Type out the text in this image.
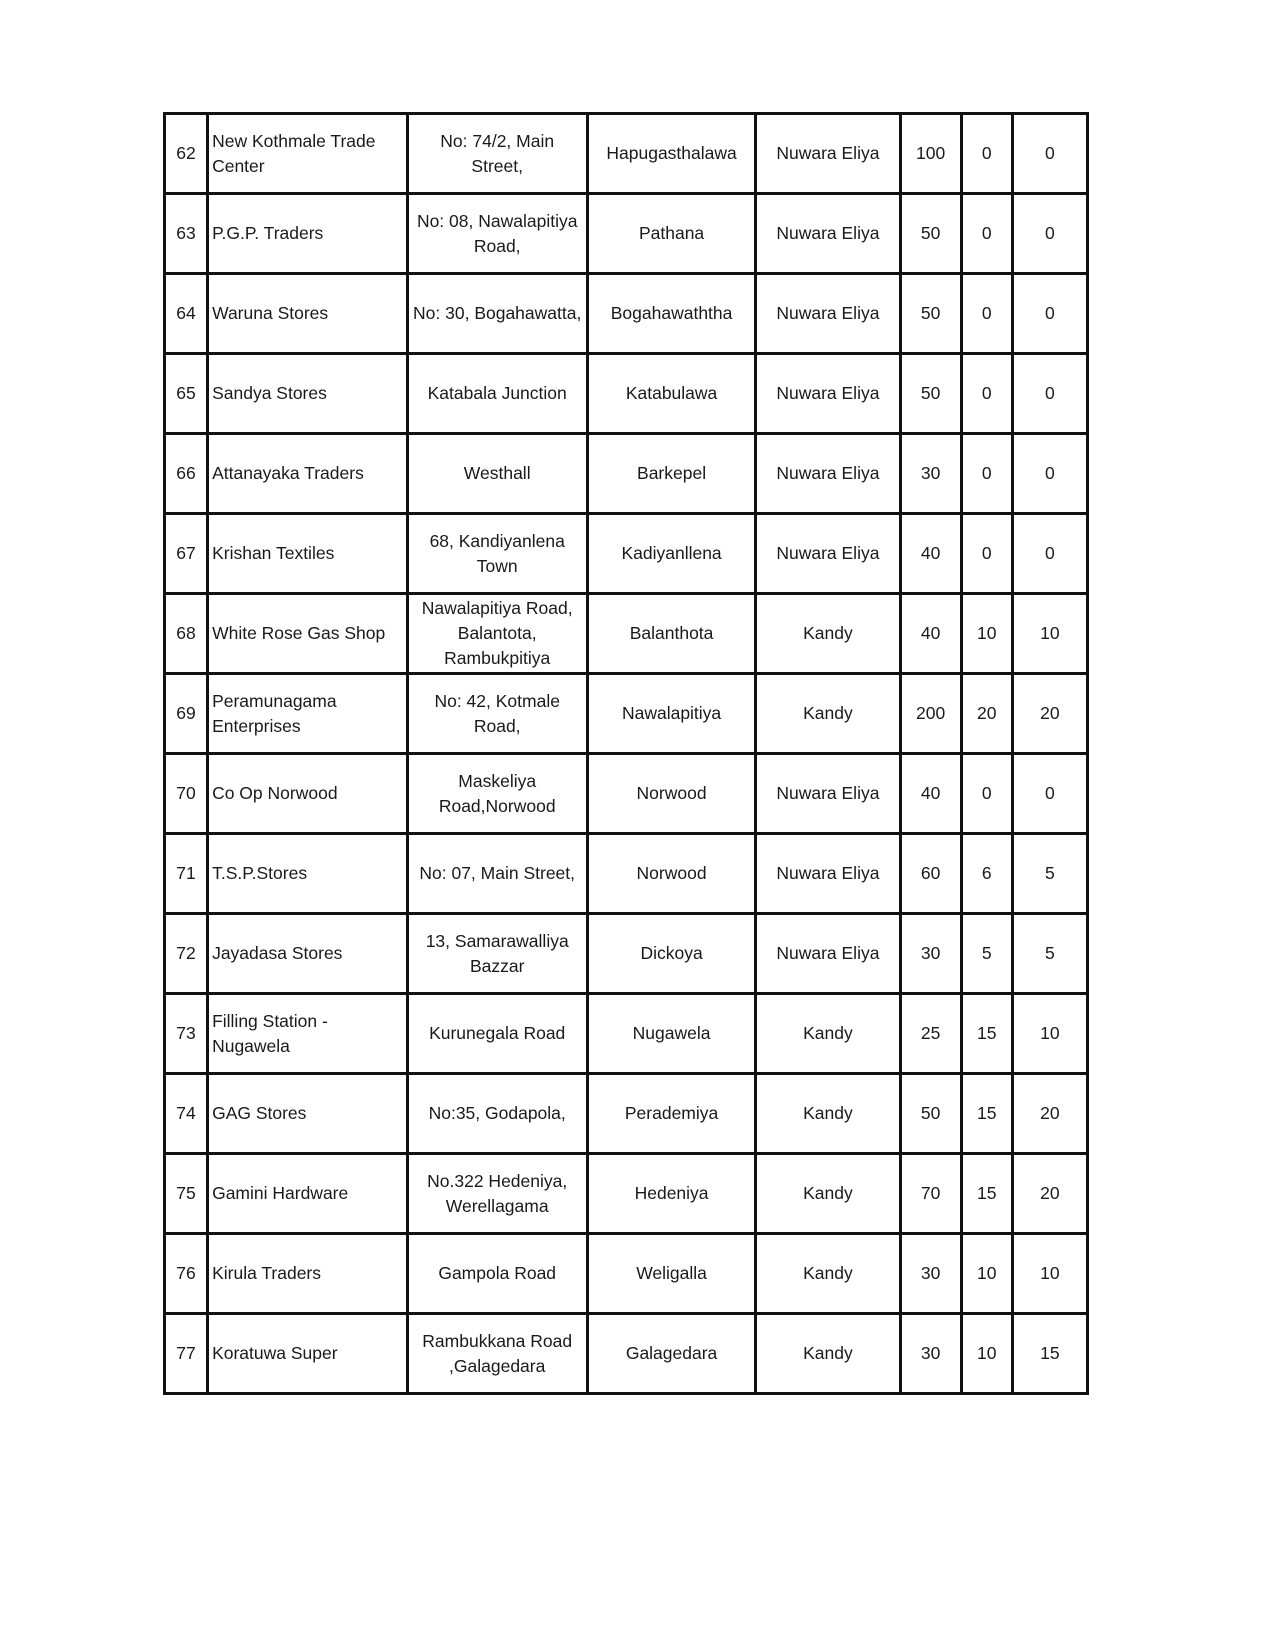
62	New Kothmale Trade Center	No: 74/2, Main Street,	Hapugasthalawa	Nuwara Eliya	100	0	0
63	P.G.P. Traders	No: 08, Nawalapitiya Road,	Pathana	Nuwara Eliya	50	0	0
64	Waruna Stores	No: 30, Bogahawatta,	Bogahawaththa	Nuwara Eliya	50	0	0
65	Sandya Stores	Katabala Junction	Katabulawa	Nuwara Eliya	50	0	0
66	Attanayaka Traders	Westhall	Barkepel	Nuwara Eliya	30	0	0
67	Krishan Textiles	68, Kandiyanlena Town	Kadiyanllena	Nuwara Eliya	40	0	0
68	White Rose Gas Shop	Nawalapitiya Road, Balantota, Rambukpitiya	Balanthota	Kandy	40	10	10
69	Peramunagama Enterprises	No: 42, Kotmale Road,	Nawalapitiya	Kandy	200	20	20
70	Co Op Norwood	Maskeliya Road,Norwood	Norwood	Nuwara Eliya	40	0	0
71	T.S.P.Stores	No: 07, Main Street,	Norwood	Nuwara Eliya	60	6	5
72	Jayadasa Stores	13, Samarawalliya Bazzar	Dickoya	Nuwara Eliya	30	5	5
73	Filling Station - Nugawela	Kurunegala Road	Nugawela	Kandy	25	15	10
74	GAG Stores	No:35, Godapola,	Perademiya	Kandy	50	15	20
75	Gamini Hardware	No.322 Hedeniya, Werellagama	Hedeniya	Kandy	70	15	20
76	Kirula Traders	Gampola Road	Weligalla	Kandy	30	10	10
77	Koratuwa Super	Rambukkana Road ,Galagedara	Galagedara	Kandy	30	10	15
